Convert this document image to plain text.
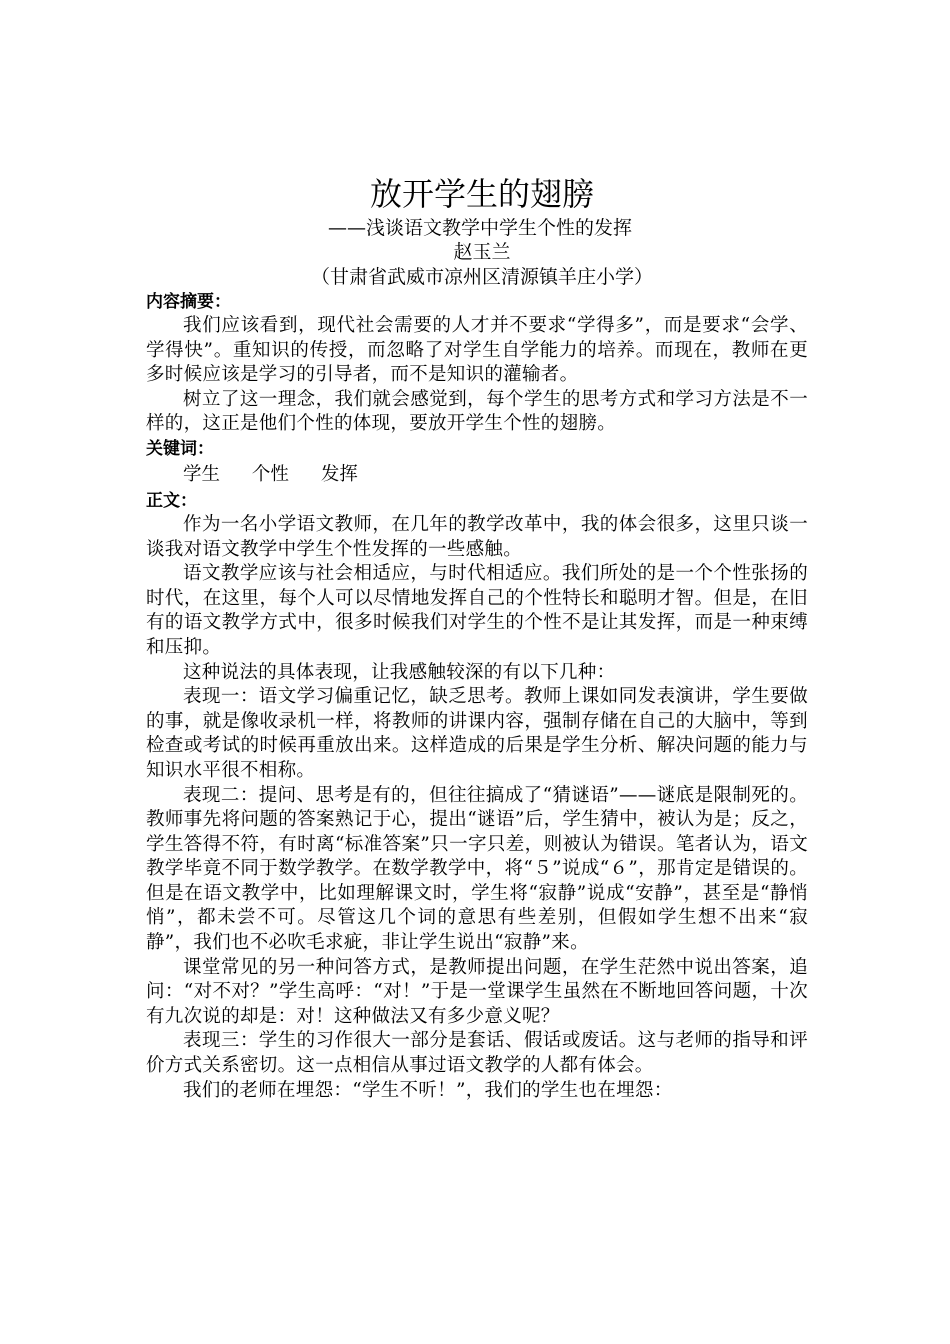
放开学生的翅膀
——浅谈语文教学中学生个性的发挥
赵玉兰
（甘肃省武威市凉州区清源镇羊庄小学）
内容摘要：

我们应该看到，现代社会需要的人才并不要求“学得多”，而是要求“会学、学得快”。重知识的传授，而忽略了对学生自学能力的培养。而现在，教师在更多时候应该是学习的引导者，而不是知识的灌输者。

树立了这一理念，我们就会感觉到，每个学生的思考方式和学习方法是不一样的，这正是他们个性的体现，要放开学生个性的翅膀。

关键词：
学生 个性 发挥
正文：

作为一名小学语文教师，在几年的教学改革中，我的体会很多，这里只谈一谈我对语文教学中学生个性发挥的一些感触。

语文教学应该与社会相适应，与时代相适应。我们所处的是一个个性张扬的时代，在这里，每个人可以尽情地发挥自己的个性特长和聪明才智。但是，在旧有的语文教学方式中，很多时候我们对学生的个性不是让其发挥，而是一种束缚和压抑。

这种说法的具体表现，让我感触较深的有以下几种：

表现一：语文学习偏重记忆，缺乏思考。教师上课如同发表演讲，学生要做的事，就是像收录机一样，将教师的讲课内容，强制存储在自己的大脑中，等到检查或考试的时候再重放出来。这样造成的后果是学生分析、解决问题的能力与知识水平很不相称。

表现二：提问、思考是有的，但往往搞成了“猜谜语”——谜底是限制死的。教师事先将问题的答案熟记于心，提出“谜语”后，学生猜中，被认为是；反之，学生答得不符，有时离“标准答案”只一字只差，则被认为错误。笔者认为，语文教学毕竟不同于数学教学。在数学教学中，将“５”说成“６”，那肯定是错误的。但是在语文教学中，比如理解课文时，学生将“寂静”说成“安静”，甚至是“静悄悄”，都未尝不可。尽管这几个词的意思有些差别，但假如学生想不出来“寂静”，我们也不必吹毛求疵，非让学生说出“寂静”来。

课堂常见的另一种问答方式，是教师提出问题，在学生茫然中说出答案，追问：“对不对？”学生高呼：“对！”于是一堂课学生虽然在不断地回答问题，十次有九次说的却是：对！这种做法又有多少意义呢？

表现三：学生的习作很大一部分是套话、假话或废话。这与老师的指导和评价方式关系密切。这一点相信从事过语文教学的人都有体会。

我们的老师在埋怨：“学生不听！”，我们的学生也在埋怨：
